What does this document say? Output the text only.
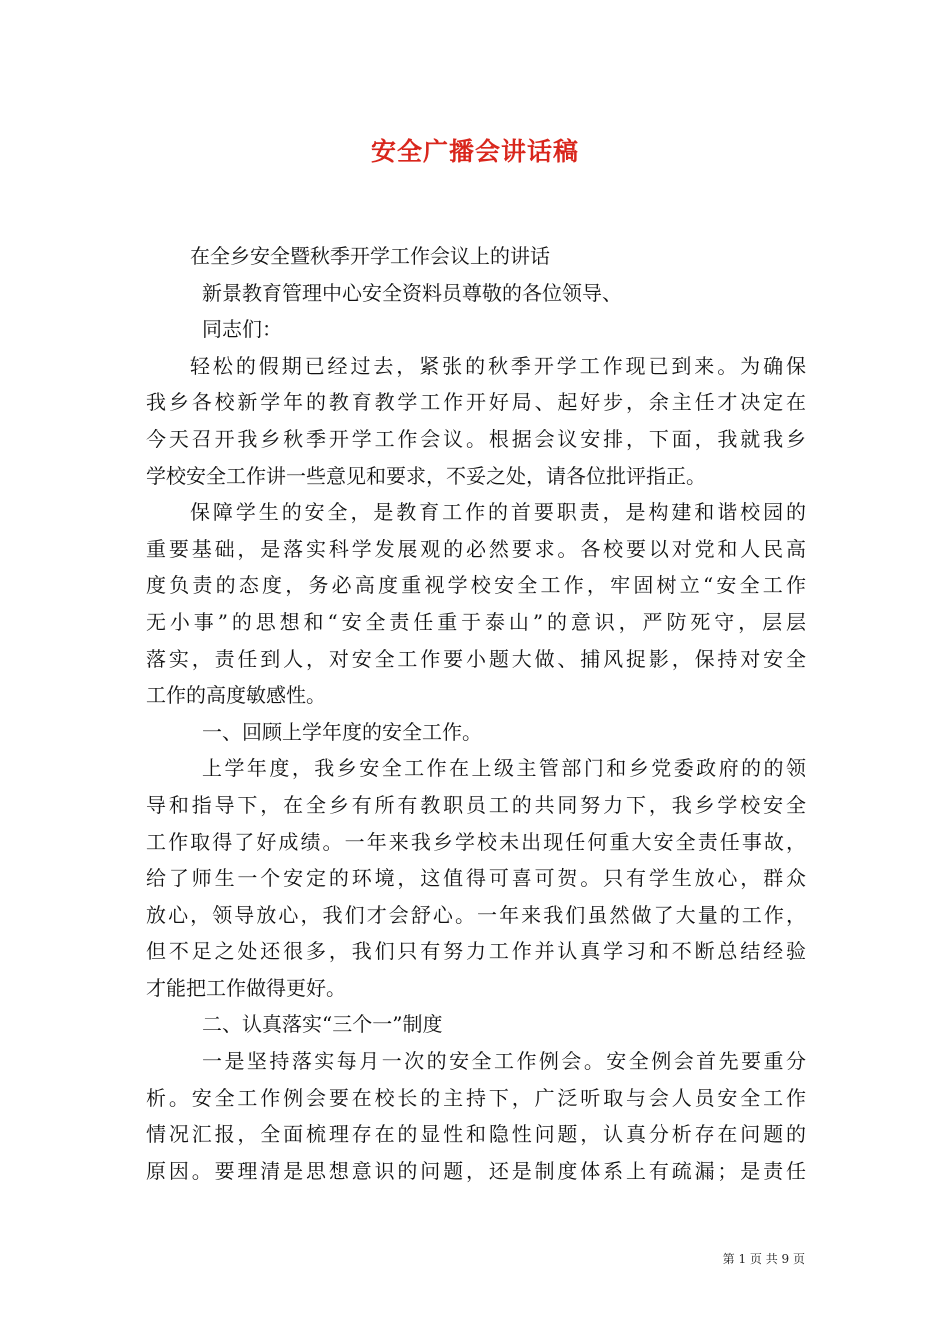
安全广播会讲话稿
在全乡安全暨秋季开学工作会议上的讲话
新景教育管理中心安全资料员尊敬的各位领导、
同志们：
轻松的假期已经过去，紧张的秋季开学工作现已到来。为确保
我乡各校新学年的教育教学工作开好局、起好步，余主任才决定在
今天召开我乡秋季开学工作会议。根据会议安排，下面，我就我乡
学校安全工作讲一些意见和要求，不妥之处，请各位批评指正。
保障学生的安全，是教育工作的首要职责，是构建和谐校园的
重要基础，是落实科学发展观的必然要求。各校要以对党和人民高
度负责的态度，务必高度重视学校安全工作，牢固树立“安全工作
无小事”的思想和“安全责任重于泰山”的意识，严防死守，层层
落实，责任到人，对安全工作要小题大做、捕风捉影，保持对安全
工作的高度敏感性。
一、回顾上学年度的安全工作。
上学年度，我乡安全工作在上级主管部门和乡党委政府的的领
导和指导下，在全乡有所有教职员工的共同努力下，我乡学校安全
工作取得了好成绩。一年来我乡学校未出现任何重大安全责任事故，
给了师生一个安定的环境，这值得可喜可贺。只有学生放心，群众
放心，领导放心，我们才会舒心。一年来我们虽然做了大量的工作，
但不足之处还很多，我们只有努力工作并认真学习和不断总结经验
才能把工作做得更好。
二、认真落实“三个一”制度
一是坚持落实每月一次的安全工作例会。安全例会首先要重分
析。安全工作例会要在校长的主持下，广泛听取与会人员安全工作
情况汇报，全面梳理存在的显性和隐性问题，认真分析存在问题的
原因。要理清是思想意识的问题，还是制度体系上有疏漏；是责任
第 1 页 共 9 页
